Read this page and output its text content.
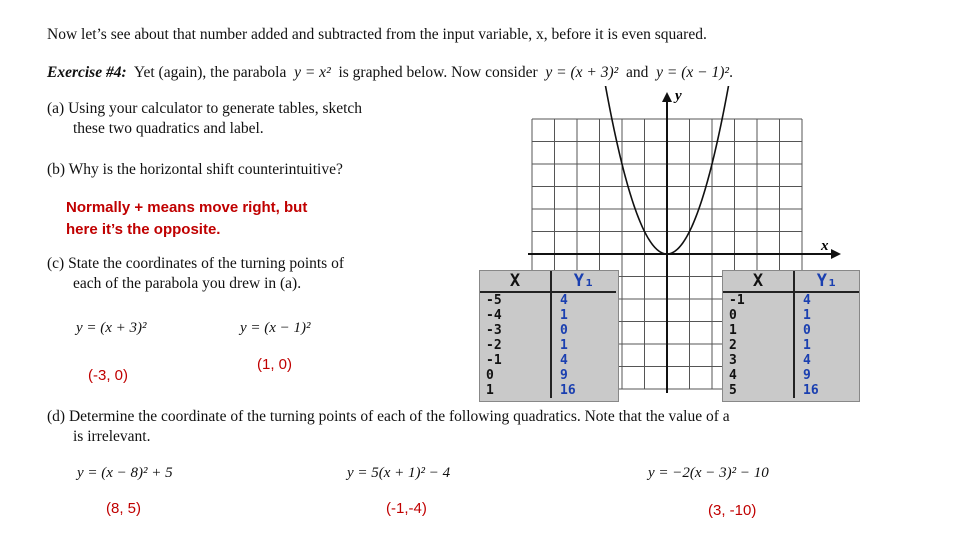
Now let’s see about that number added and subtracted from the input variable, x, before it is even squared.
Exercise #4: Yet (again), the parabola y = x² is graphed below. Now consider y = (x + 3)² and y = (x − 1)².
(a) Using your calculator to generate tables, sketch
these two quadratics and label.
(b) Why is the horizontal shift counterintuitive?
Normally + means move right, but
here it’s the opposite.
(c) State the coordinates of the turning points of
each of the parabola you drew in (a).
y = (x + 3)²	y = (x − 1)²
(-3, 0)
(1, 0)
y
x
X	Y₁
-5	4
-4	1
-3	0
-2	1
-1	4
0	9
1	16
X	Y₁
-1	4
0	1
1	0
2	1
3	4
4	9
5	16
(d) Determine the coordinate of the turning points of each of the following quadratics. Note that the value of a
is irrelevant.
y = (x − 8)² + 5	y = 5(x + 1)² − 4	y = −2(x − 3)² − 10
(8, 5)	(-1,-4)	(3, -10)
